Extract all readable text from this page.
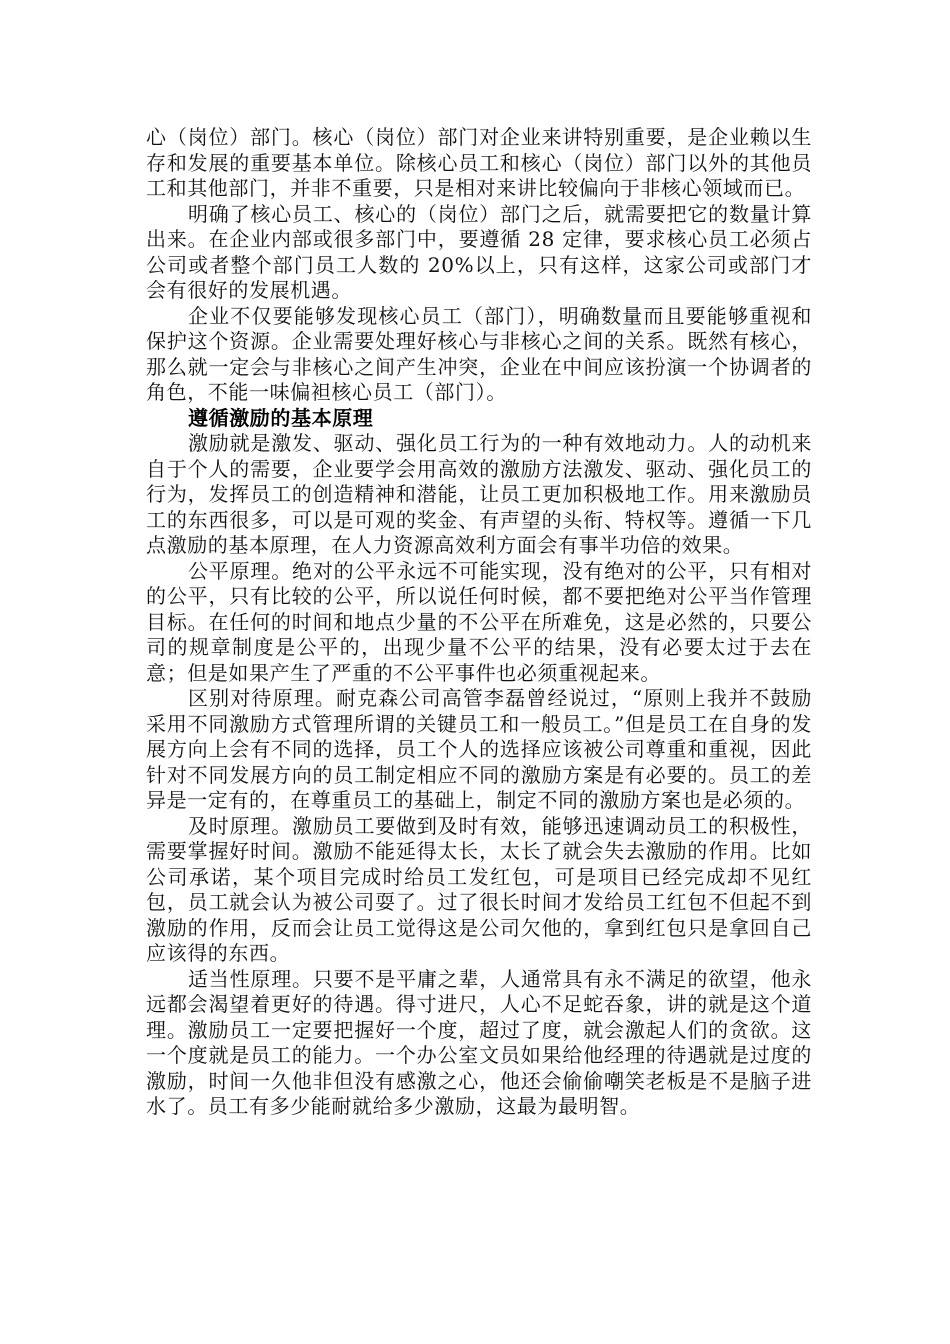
心（岗位）部门。核心（岗位）部门对企业来讲特别重要，是企业赖以生存和发展的重要基本单位。除核心员工和核心（岗位）部门以外的其他员工和其他部门，并非不重要，只是相对来讲比较偏向于非核心领域而已。

明确了核心员工、核心的（岗位）部门之后，就需要把它的数量计算出来。在企业内部或很多部门中，要遵循 28 定律，要求核心员工必须占公司或者整个部门员工人数的 20%以上，只有这样，这家公司或部门才会有很好的发展机遇。

企业不仅要能够发现核心员工（部门），明确数量而且要能够重视和保护这个资源。企业需要处理好核心与非核心之间的关系。既然有核心，那么就一定会与非核心之间产生冲突，企业在中间应该扮演一个协调者的角色，不能一味偏袒核心员工（部门）。

遵循激励的基本原理

激励就是激发、驱动、强化员工行为的一种有效地动力。人的动机来自于个人的需要，企业要学会用高效的激励方法激发、驱动、强化员工的行为，发挥员工的创造精神和潜能，让员工更加积极地工作。用来激励员工的东西很多，可以是可观的奖金、有声望的头衔、特权等。遵循一下几点激励的基本原理，在人力资源高效利方面会有事半功倍的效果。

公平原理。绝对的公平永远不可能实现，没有绝对的公平，只有相对的公平，只有比较的公平，所以说任何时候，都不要把绝对公平当作管理目标。在任何的时间和地点少量的不公平在所难免，这是必然的，只要公司的规章制度是公平的，出现少量不公平的结果，没有必要太过于去在意；但是如果产生了严重的不公平事件也必须重视起来。

区别对待原理。耐克森公司高管李磊曾经说过，“原则上我并不鼓励采用不同激励方式管理所谓的关键员工和一般员工。”但是员工在自身的发展方向上会有不同的选择，员工个人的选择应该被公司尊重和重视，因此针对不同发展方向的员工制定相应不同的激励方案是有必要的。员工的差异是一定有的，在尊重员工的基础上，制定不同的激励方案也是必须的。

及时原理。激励员工要做到及时有效，能够迅速调动员工的积极性，需要掌握好时间。激励不能延得太长，太长了就会失去激励的作用。比如公司承诺，某个项目完成时给员工发红包，可是项目已经完成却不见红包，员工就会认为被公司耍了。过了很长时间才发给员工红包不但起不到激励的作用，反而会让员工觉得这是公司欠他的，拿到红包只是拿回自己应该得的东西。

适当性原理。只要不是平庸之辈，人通常具有永不满足的欲望，他永远都会渴望着更好的待遇。得寸进尺，人心不足蛇吞象，讲的就是这个道理。激励员工一定要把握好一个度，超过了度，就会激起人们的贪欲。这一个度就是员工的能力。一个办公室文员如果给他经理的待遇就是过度的激励，时间一久他非但没有感激之心，他还会偷偷嘲笑老板是不是脑子进水了。员工有多少能耐就给多少激励，这最为最明智。
